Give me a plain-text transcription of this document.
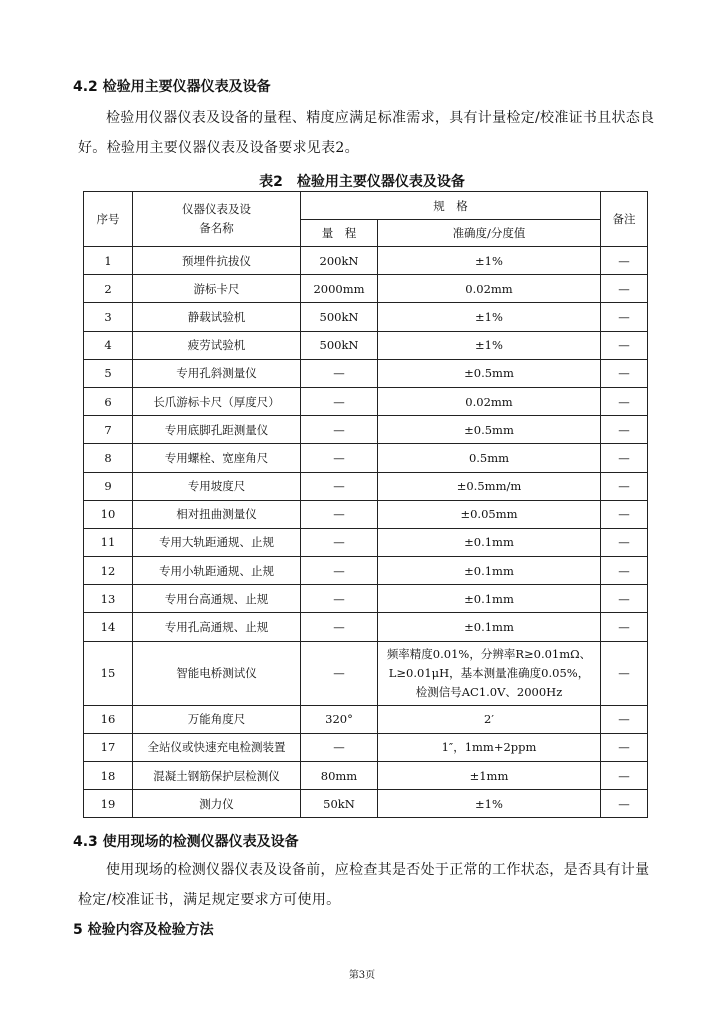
4.2 检验用主要仪器仪表及设备
检验用仪器仪表及设备的量程、精度应满足标准需求，具有计量检定/校准证书且状态良好。检验用主要仪器仪表及设备要求见表2。
表2　检验用主要仪器仪表及设备
序号	仪器仪表及设备名称	规　格		备注
		量　程	准确度/分度值	
1	预埋件抗拔仪	200kN	±1%	—
2	游标卡尺	2000mm	0.02mm	—
3	静载试验机	500kN	±1%	—
4	疲劳试验机	500kN	±1%	—
5	专用孔斜测量仪	—	±0.5mm	—
6	长爪游标卡尺（厚度尺）	—	0.02mm	—
7	专用底脚孔距测量仪	—	±0.5mm	—
8	专用螺栓、宽座角尺	—	0.5mm	—
9	专用坡度尺	—	±0.5mm/m	—
10	相对扭曲测量仪	—	±0.05mm	—
11	专用大轨距通规、止规	—	±0.1mm	—
12	专用小轨距通规、止规	—	±0.1mm	—
13	专用台高通规、止规	—	±0.1mm	—
14	专用孔高通规、止规	—	±0.1mm	—
15	智能电桥测试仪	—	频率精度0.01%，分辨率R≥0.01mΩ、
L≥0.01μH，基本测量准确度0.05%，
检测信号AC1.0V、2000Hz	—
16	万能角度尺	320°	2′	—
17	全站仪或快速充电检测装置	—	1″，1mm+2ppm	—
18	混凝土钢筋保护层检测仪	80mm	±1mm	—
19	测力仪	50kN	±1%	—
4.3 使用现场的检测仪器仪表及设备
使用现场的检测仪器仪表及设备前，应检查其是否处于正常的工作状态，是否具有计量检定/校准证书，满足规定要求方可使用。
5 检验内容及检验方法
第3页
